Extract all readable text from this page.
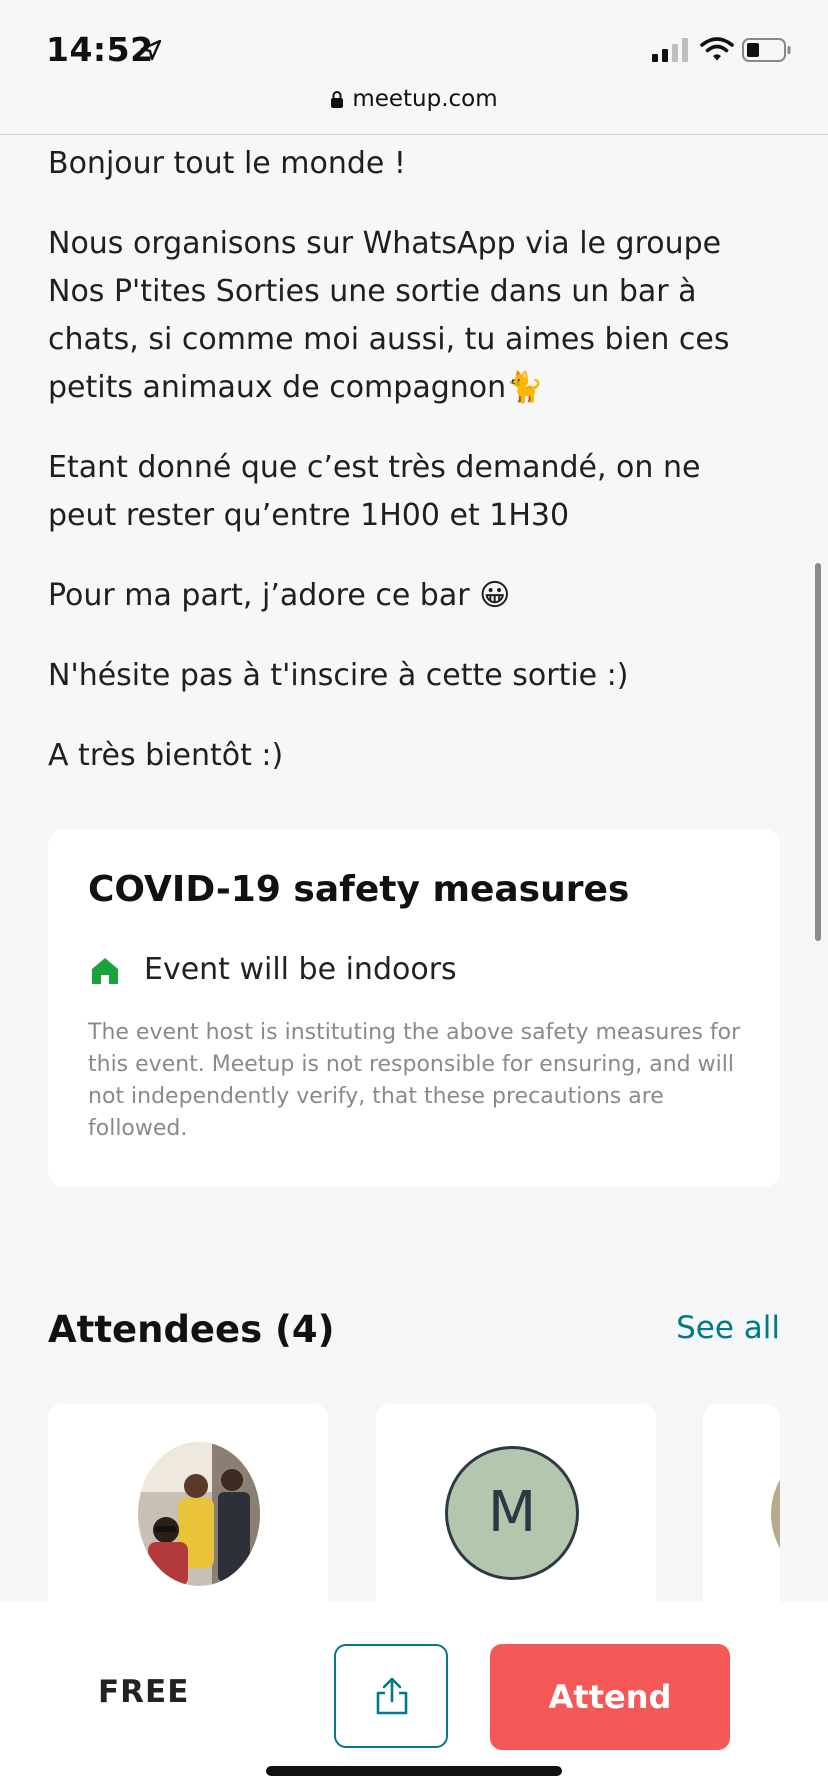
14:52
meetup.com

Bonjour tout le monde !

Nous organisons sur WhatsApp via le groupe Nos P'tites Sorties une sortie dans un bar à chats, si comme moi aussi, tu aimes bien ces petits animaux de compagnon🐈

Etant donné que c’est très demandé, on ne peut rester qu’entre 1H00 et 1H30

Pour ma part, j’adore ce bar 😀

N'hésite pas à t'inscire à cette sortie :)

A très bientôt :)

COVID-19 safety measures
Event will be indoors
The event host is instituting the above safety measures for this event. Meetup is not responsible for ensuring, and will not independently verify, that these precautions are followed.
Attendees (4)	See all
M
FREE	Attend
